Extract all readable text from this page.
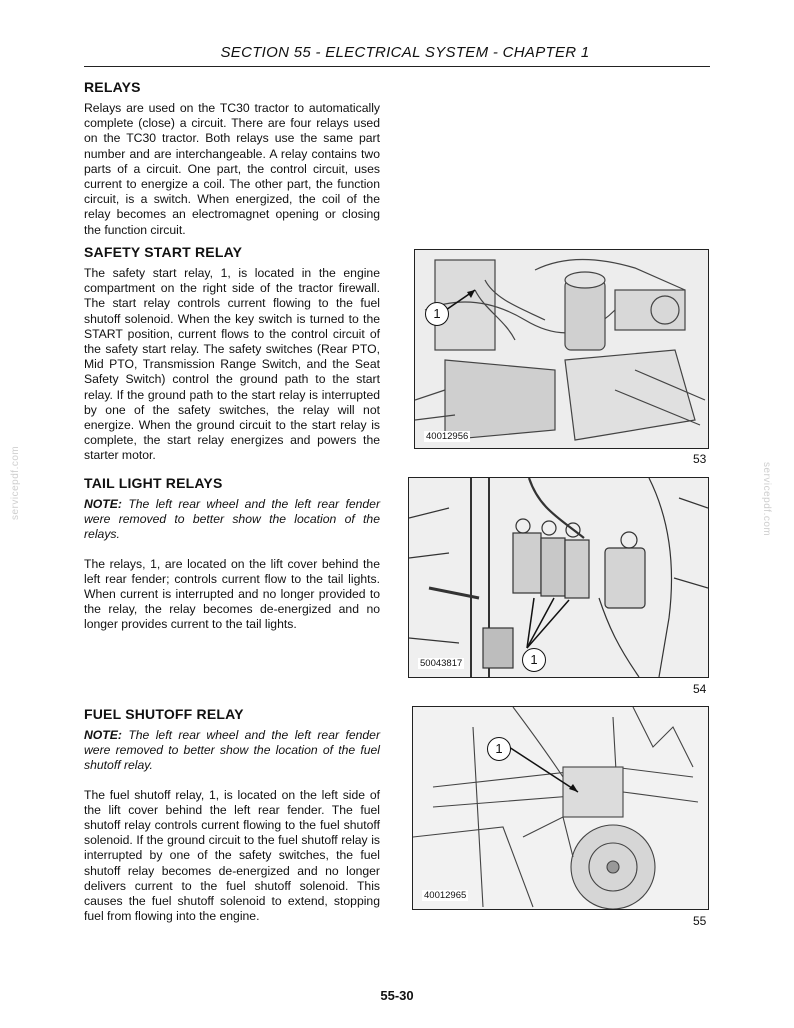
SECTION 55 - ELECTRICAL SYSTEM - CHAPTER 1
RELAYS

Relays are used on the TC30 tractor to automatically complete (close) a circuit. There are four relays used on the TC30 tractor. Both relays use the same part number and are interchangeable. A relay contains two parts of a circuit. One part, the control circuit, uses current to energize a coil. The other part, the function circuit, is a switch. When energized, the coil of the relay becomes an electromagnet opening or closing the function circuit.

SAFETY START RELAY

The safety start relay, 1, is located in the engine compartment on the right side of the tractor firewall. The start relay controls current flowing to the fuel shutoff solenoid. When the key switch is turned to the START position, current flows to the control circuit of the safety start relay. The safety switches (Rear PTO, Mid PTO, Transmission Range Switch, and the Seat Safety Switch) control the ground path to the start relay. If the ground path to the start relay is interrupted by one of the safety switches, the relay will not energize. When the ground circuit to the start relay is complete, the start relay energizes and powers the starter motor.

TAIL LIGHT RELAYS

NOTE: The left rear wheel and the left rear fender were removed to better show the location of the relays.

The relays, 1, are located on the lift cover behind the left rear fender; controls current flow to the tail lights. When current is interrupted and no longer provided to the relay, the relay becomes de-energized and no longer provides current to the tail lights.

FUEL SHUTOFF RELAY

NOTE: The left rear wheel and the left rear fender were removed to better show the location of the fuel shutoff relay.

The fuel shutoff relay, 1, is located on the left side of the lift cover behind the left rear fender. The fuel shutoff relay controls current flowing to the fuel shutoff solenoid. If the ground circuit to the fuel shutoff relay is interrupted by one of the safety switches, the fuel shutoff relay becomes de-energized and no longer delivers current to the fuel shutoff solenoid. This causes the fuel shutoff solenoid to extend, stopping fuel from flowing into the engine.

1
40012956
53
1
50043817
54
1
40012965
55
55-30
servicepdf.com	servicepdf.com
